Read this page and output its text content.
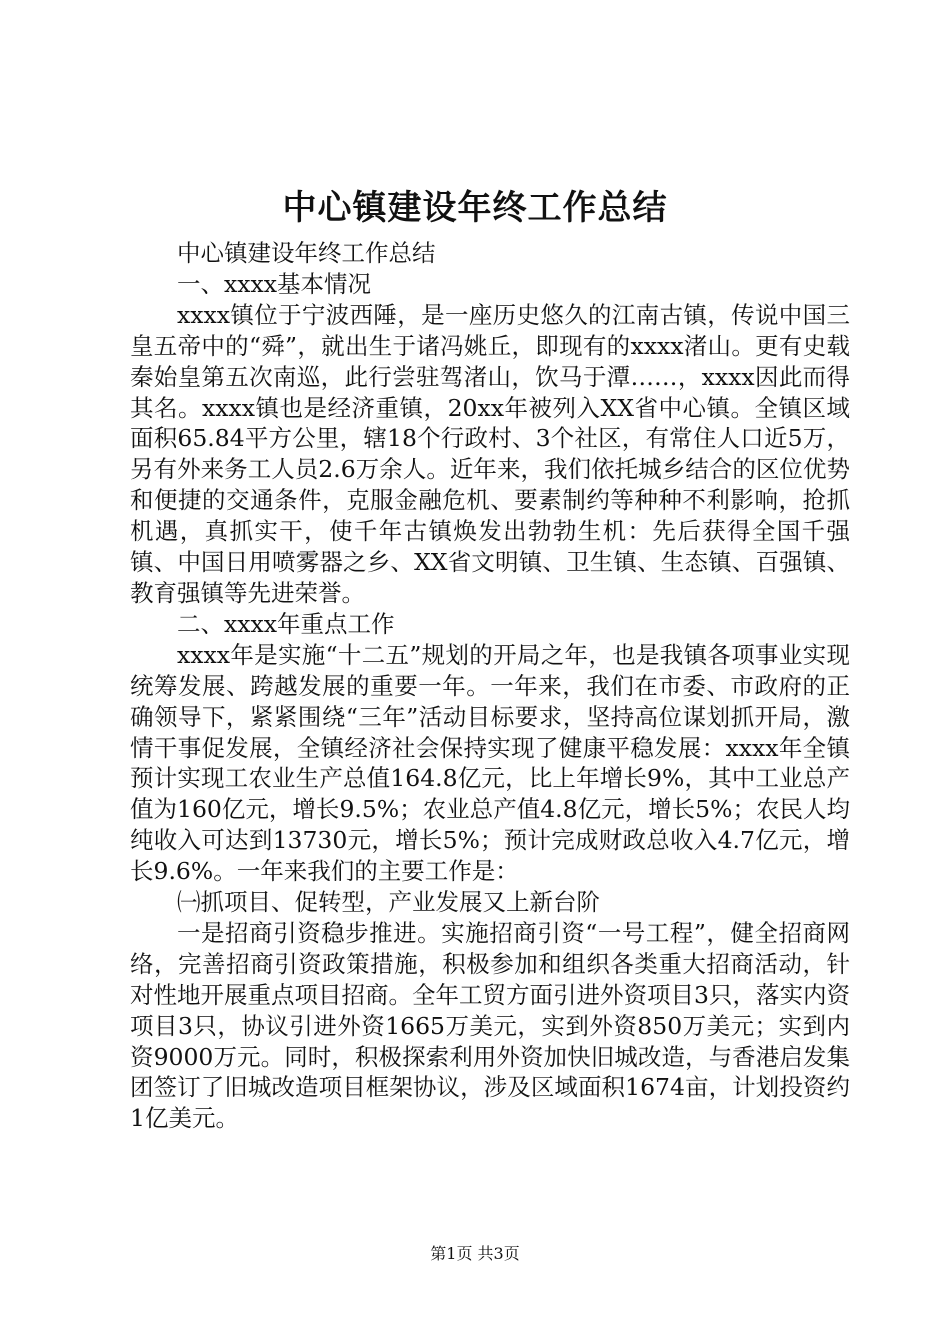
中心镇建设年终工作总结

中心镇建设年终工作总结

一、xxxx基本情况

xxxx镇位于宁波西陲，是一座历史悠久的江南古镇，传说中国三皇五帝中的“舜”，就出生于诸冯姚丘，即现有的xxxx渚山。更有史载秦始皇第五次南巡，此行尝驻驾渚山，饮马于潭……，xxxx因此而得其名。xxxx镇也是经济重镇，20xx年被列入XX省中心镇。全镇区域面积65.84平方公里，辖18个行政村、3个社区，有常住人口近5万，另有外来务工人员2.6万余人。近年来，我们依托城乡结合的区位优势和便捷的交通条件，克服金融危机、要素制约等种种不利影响，抢抓机遇，真抓实干，使千年古镇焕发出勃勃生机：先后获得全国千强镇、中国日用喷雾器之乡、XX省文明镇、卫生镇、生态镇、百强镇、教育强镇等先进荣誉。

二、xxxx年重点工作

xxxx年是实施“十二五”规划的开局之年，也是我镇各项事业实现统筹发展、跨越发展的重要一年。一年来，我们在市委、市政府的正确领导下，紧紧围绕“三年”活动目标要求，坚持高位谋划抓开局，激情干事促发展，全镇经济社会保持实现了健康平稳发展：xxxx年全镇预计实现工农业生产总值164.8亿元，比上年增长9%，其中工业总产值为160亿元，增长9.5%；农业总产值4.8亿元，增长5%；农民人均纯收入可达到13730元，增长5%；预计完成财政总收入4.7亿元，增长9.6%。一年来我们的主要工作是：

㈠抓项目、促转型，产业发展又上新台阶

一是招商引资稳步推进。实施招商引资“一号工程”，健全招商网络，完善招商引资政策措施，积极参加和组织各类重大招商活动，针对性地开展重点项目招商。全年工贸方面引进外资项目3只，落实内资项目3只，协议引进外资1665万美元，实到外资850万美元；实到内资9000万元。同时，积极探索利用外资加快旧城改造，与香港启发集团签订了旧城改造项目框架协议，涉及区域面积1674亩，计划投资约1亿美元。

第1页 共3页
